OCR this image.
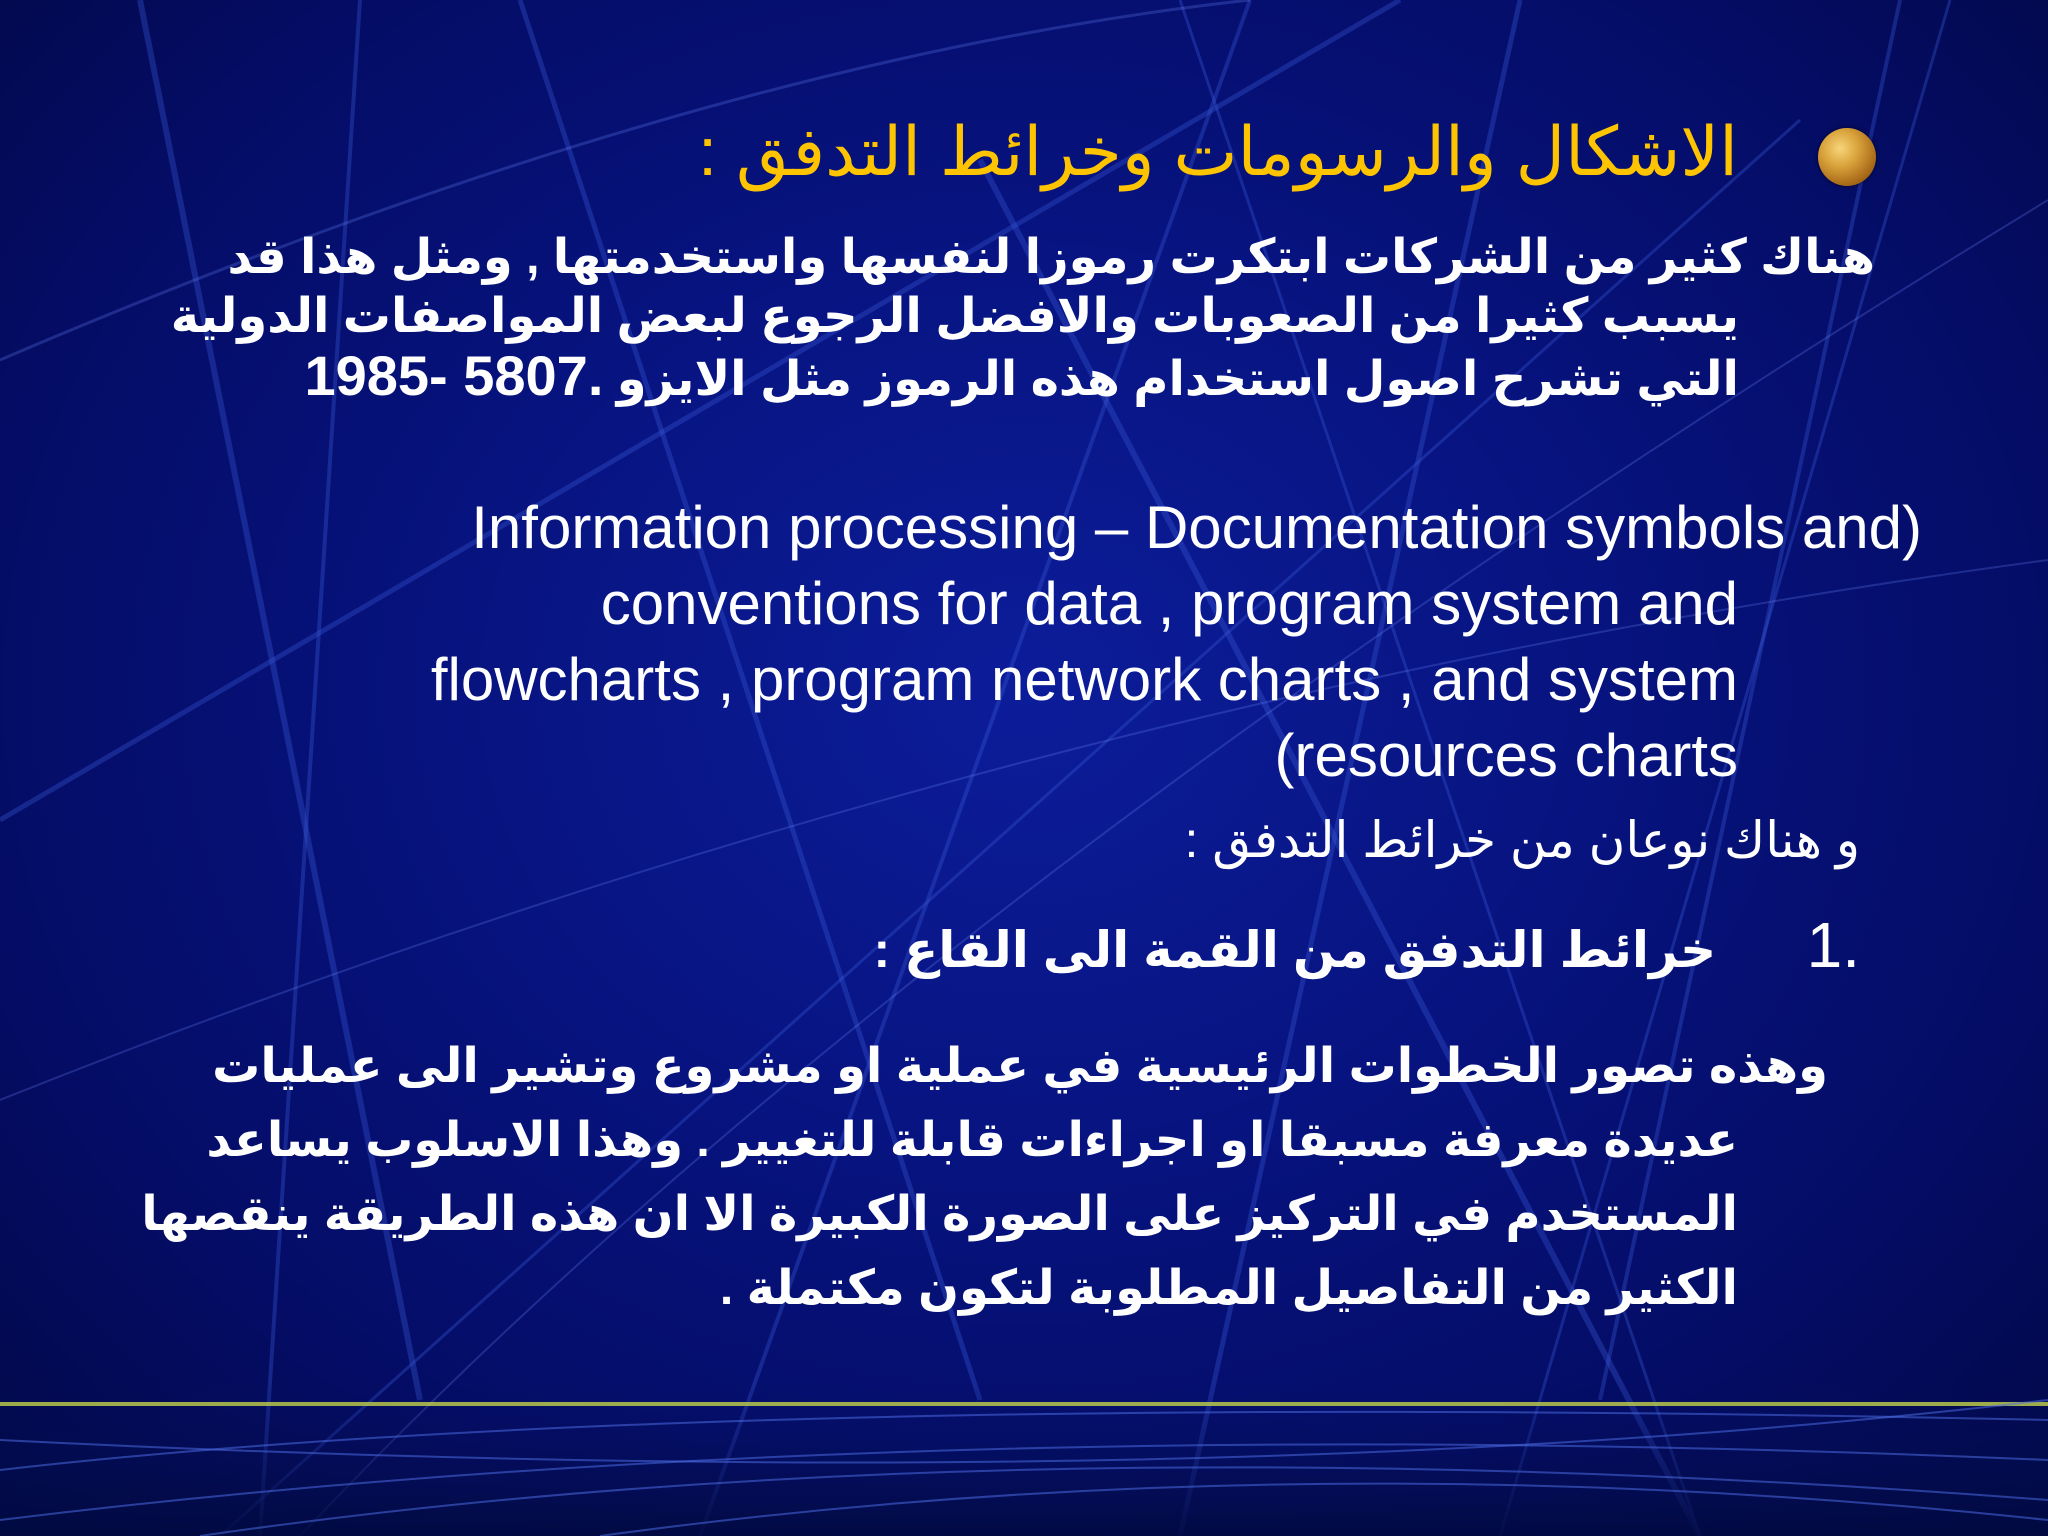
الاشكال والرسومات وخرائط التدفق :
هناك كثير من الشركات ابتكرت رموزا لنفسها واستخدمتها , ومثل هذا قد
يسبب كثيرا من الصعوبات والافضل الرجوع لبعض المواصفات الدولية
التي تشرح اصول استخدام هذه الرموز مثل الايزو 1985- 5807.
Information processing – Documentation symbols and)
conventions for data , program system and
flowcharts , program network charts , and system
(resources charts
و هناك نوعان من خرائط التدفق :
1. خرائط التدفق من القمة الى القاع :
وهذه تصور الخطوات الرئيسية في عملية او مشروع وتشير الى عمليات
عديدة معرفة مسبقا او اجراءات قابلة للتغيير . وهذا الاسلوب يساعد
المستخدم في التركيز على الصورة الكبيرة الا ان هذه الطريقة ينقصها
الكثير من التفاصيل المطلوبة لتكون مكتملة .
